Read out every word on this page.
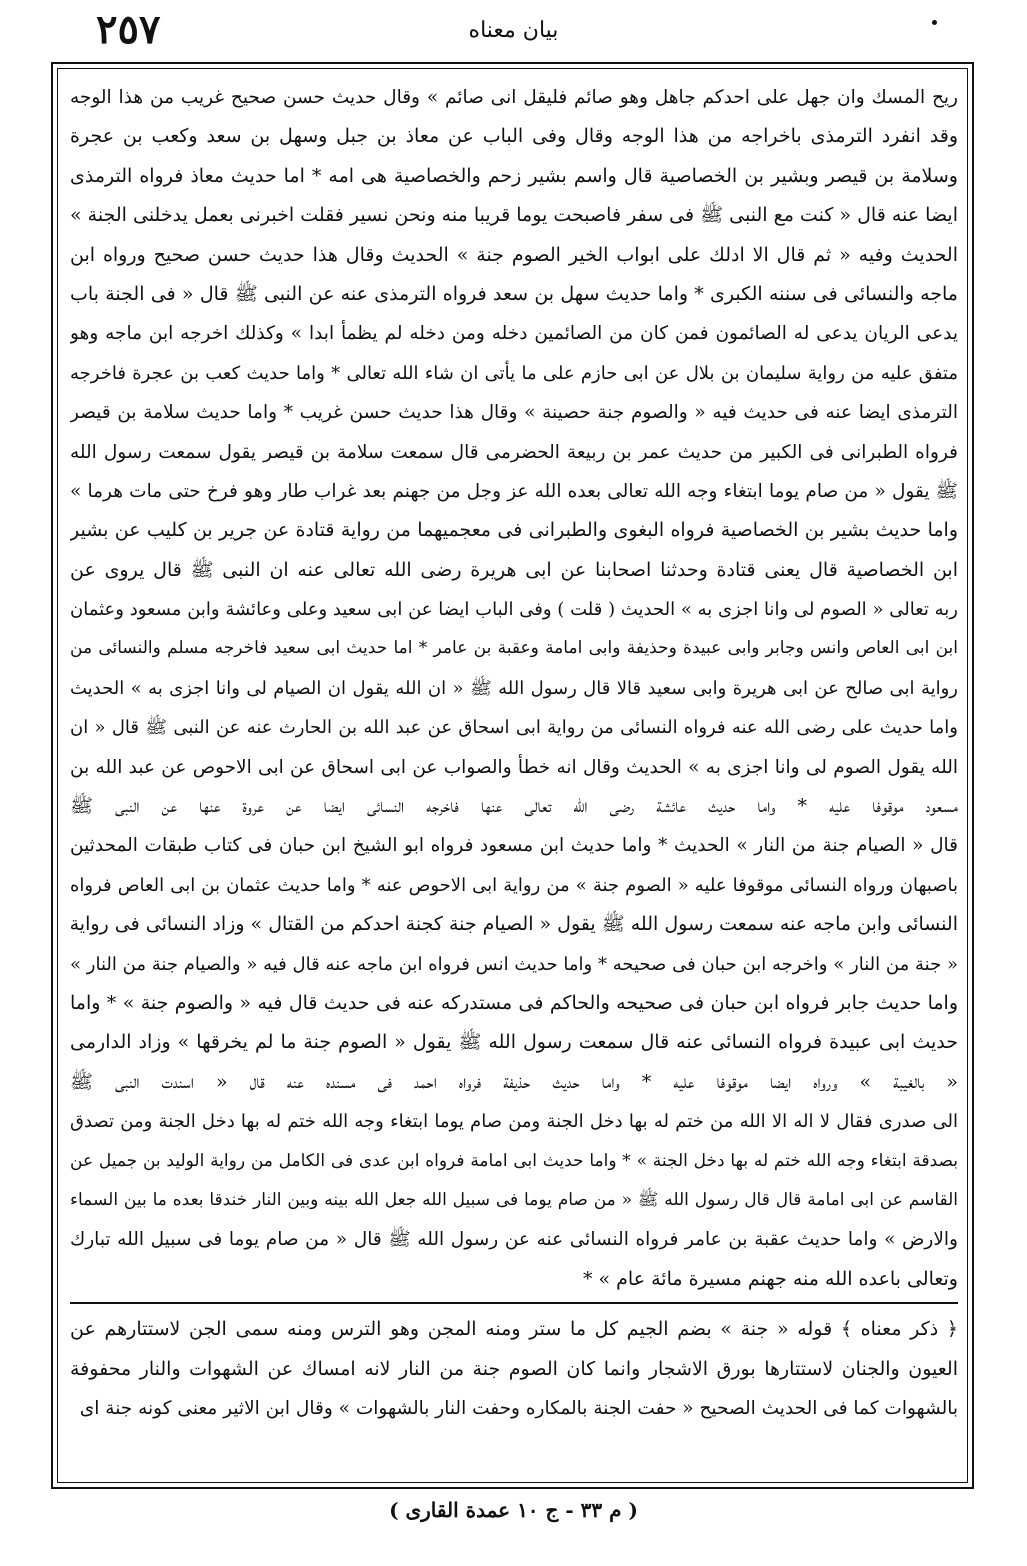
٢٥٧	بيان معناه
ريح المسك وان جهل على احدكم جاهل وهو صائم فليقل انى صائم » وقال حديث حسن صحيح غريب من هذا الوجه
وقد انفرد الترمذى باخراجه من هذا الوجه وقال وفى الباب عن معاذ بن جبل وسهل بن سعد وكعب بن عجرة
وسلامة بن قيصر وبشير بن الخصاصية قال واسم بشير زحم والخصاصية هى امه * اما حديث معاذ فرواه الترمذى
ايضا عنه قال « كنت مع النبى ﷺ فى سفر فاصبحت يوما قريبا منه ونحن نسير فقلت اخبرنى بعمل يدخلنى الجنة »
الحديث وفيه « ثم قال الا ادلك على ابواب الخير الصوم جنة » الحديث وقال هذا حديث حسن صحيح ورواه ابن
ماجه والنسائى فى سننه الكبرى * واما حديث سهل بن سعد فرواه الترمذى عنه عن النبى ﷺ قال « فى الجنة باب
يدعى الريان يدعى له الصائمون فمن كان من الصائمين دخله ومن دخله لم يظمأ ابدا » وكذلك اخرجه ابن ماجه وهو
متفق عليه من رواية سليمان بن بلال عن ابى حازم على ما يأتى ان شاء الله تعالى * واما حديث كعب بن عجرة فاخرجه
الترمذى ايضا عنه فى حديث فيه « والصوم جنة حصينة » وقال هذا حديث حسن غريب * واما حديث سلامة بن قيصر
فرواه الطبرانى فى الكبير من حديث عمر بن ربيعة الحضرمى قال سمعت سلامة بن قيصر يقول سمعت رسول الله
ﷺ يقول « من صام يوما ابتغاء وجه الله تعالى بعده الله عز وجل من جهنم بعد غراب طار وهو فرخ حتى مات هرما »
واما حديث بشير بن الخصاصية فرواه البغوى والطبرانى فى معجميهما من رواية قتادة عن جرير بن كليب عن بشير
ابن الخصاصية قال يعنى قتادة وحدثنا اصحابنا عن ابى هريرة رضى الله تعالى عنه ان النبى ﷺ قال يروى عن
ربه تعالى « الصوم لى وانا اجزى به » الحديث ( قلت ) وفى الباب ايضا عن ابى سعيد وعلى وعائشة وابن مسعود وعثمان
ابن ابى العاص وانس وجابر وابى عبيدة وحذيفة وابى امامة وعقبة بن عامر * اما حديث ابى سعيد فاخرجه مسلم والنسائى من
رواية ابى صالح عن ابى هريرة وابى سعيد قالا قال رسول الله ﷺ « ان الله يقول ان الصيام لى وانا اجزى به » الحديث
واما حديث على رضى الله عنه فرواه النسائى من رواية ابى اسحاق عن عبد الله بن الحارث عنه عن النبى ﷺ قال « ان
الله يقول الصوم لى وانا اجزى به » الحديث وقال انه خطأ والصواب عن ابى اسحاق عن ابى الاحوص عن عبد الله بن
مسعود موقوفا عليه * واما حديث عائشة رضى الله تعالى عنها فاخرجه النسائى ايضا عن عروة عنها عن النبى ﷺ
قال « الصيام جنة من النار » الحديث * واما حديث ابن مسعود فرواه ابو الشيخ ابن حبان فى كتاب طبقات المحدثين
باصبهان ورواه النسائى موقوفا عليه « الصوم جنة » من رواية ابى الاحوص عنه * واما حديث عثمان بن ابى العاص فرواه
النسائى وابن ماجه عنه سمعت رسول الله ﷺ يقول « الصيام جنة كجنة احدكم من القتال » وزاد النسائى فى رواية
« جنة من النار » واخرجه ابن حبان فى صحيحه * واما حديث انس فرواه ابن ماجه عنه قال فيه « والصيام جنة من النار »
واما حديث جابر فرواه ابن حبان فى صحيحه والحاكم فى مستدركه عنه فى حديث قال فيه « والصوم جنة » * واما
حديث ابى عبيدة فرواه النسائى عنه قال سمعت رسول الله ﷺ يقول « الصوم جنة ما لم يخرقها » وزاد الدارمى
« بالغيبة » ورواه ايضا موقوفا عليه * واما حديث حذيفة فرواه احمد فى مسنده عنه قال « اسندت النبى ﷺ
الى صدرى فقال لا اله الا الله من ختم له بها دخل الجنة ومن صام يوما ابتغاء وجه الله ختم له بها دخل الجنة ومن تصدق
بصدقة ابتغاء وجه الله ختم له بها دخل الجنة » * واما حديث ابى امامة فرواه ابن عدى فى الكامل من رواية الوليد بن جميل عن
القاسم عن ابى امامة قال قال رسول الله ﷺ « من صام يوما فى سبيل الله جعل الله بينه وبين النار خندقا بعده ما بين السماء
والارض » واما حديث عقبة بن عامر فرواه النسائى عنه عن رسول الله ﷺ قال « من صام يوما فى سبيل الله تبارك
وتعالى باعده الله منه جهنم مسيرة مائة عام » *
﴿ ذكر معناه ﴾ قوله « جنة » بضم الجيم كل ما ستر ومنه المجن وهو الترس ومنه سمى الجن لاستتارهم عن
العيون والجنان لاستتارها بورق الاشجار وانما كان الصوم جنة من النار لانه امساك عن الشهوات والنار محفوفة
بالشهوات كما فى الحديث الصحيح « حفت الجنة بالمكاره وحفت النار بالشهوات » وقال ابن الاثير معنى كونه جنة اى
( م ٣٣ - ج ١٠ عمدة القارى )
